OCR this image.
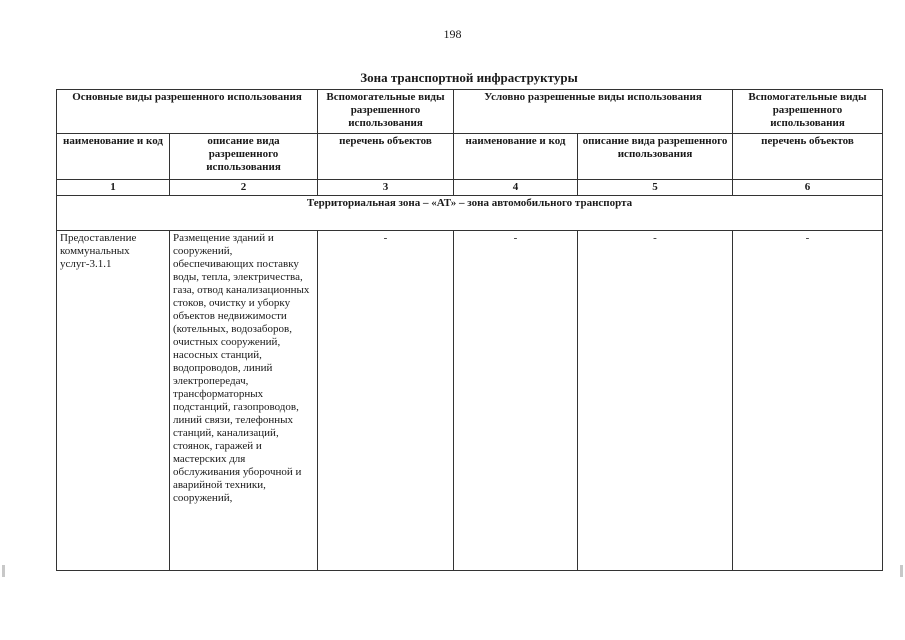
198
Зона транспортной инфраструктуры
Основные виды разрешенного использования		Вспомогательные виды разрешенного использования	Условно разрешенные виды использования		Вспомогательные виды разрешенного использования
наименование и код	описание вида разрешенного использования	перечень объектов	наименование и код	описание вида разрешенного использования	перечень объектов
1	2	3	4	5	6
Территориальная зона – «АТ» – зона автомобильного транспорта					
Предоставление коммунальных услуг-3.1.1	Размещение зданий и сооружений, обеспечивающих поставку воды, тепла, электричества, газа, отвод канализационных стоков, очистку и уборку объектов недвижимости (котельных, водозаборов, очистных сооружений, насосных станций, водопроводов, линий электропередач, трансформаторных подстанций, газопроводов, линий связи, телефонных станций, канализаций, стоянок, гаражей и мастерских для обслуживания уборочной и аварийной техники, сооружений,	-	-	-	-
